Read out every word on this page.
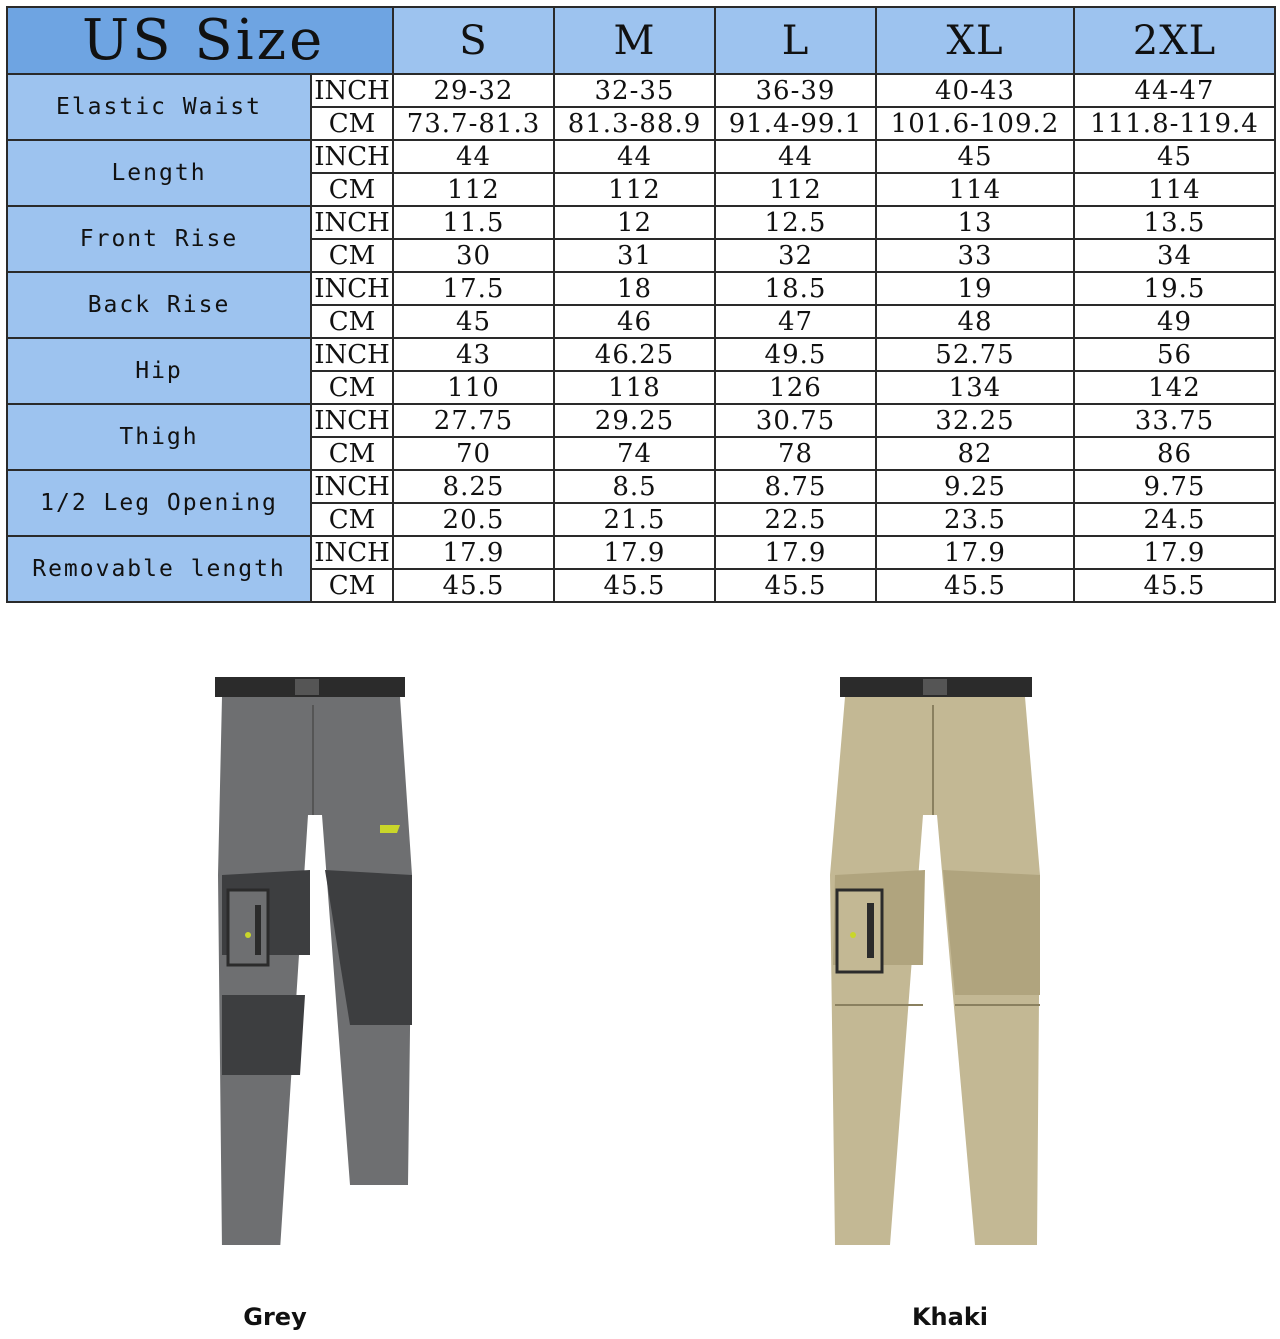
US Size		S	M	L	XL	2XL
Elastic Waist	INCH	29-32	32-35	36-39	40-43	44-47
	CM	73.7-81.3	81.3-88.9	91.4-99.1	101.6-109.2	111.8-119.4
Length	INCH	44	44	44	45	45
	CM	112	112	112	114	114
Front Rise	INCH	11.5	12	12.5	13	13.5
	CM	30	31	32	33	34
Back Rise	INCH	17.5	18	18.5	19	19.5
	CM	45	46	47	48	49
Hip	INCH	43	46.25	49.5	52.75	56
	CM	110	118	126	134	142
Thigh	INCH	27.75	29.25	30.75	32.25	33.75
	CM	70	74	78	82	86
1/2 Leg Opening	INCH	8.25	8.5	8.75	9.25	9.75
	CM	20.5	21.5	22.5	23.5	24.5
Removable length	INCH	17.9	17.9	17.9	17.9	17.9
	CM	45.5	45.5	45.5	45.5	45.5
Grey	Khaki
